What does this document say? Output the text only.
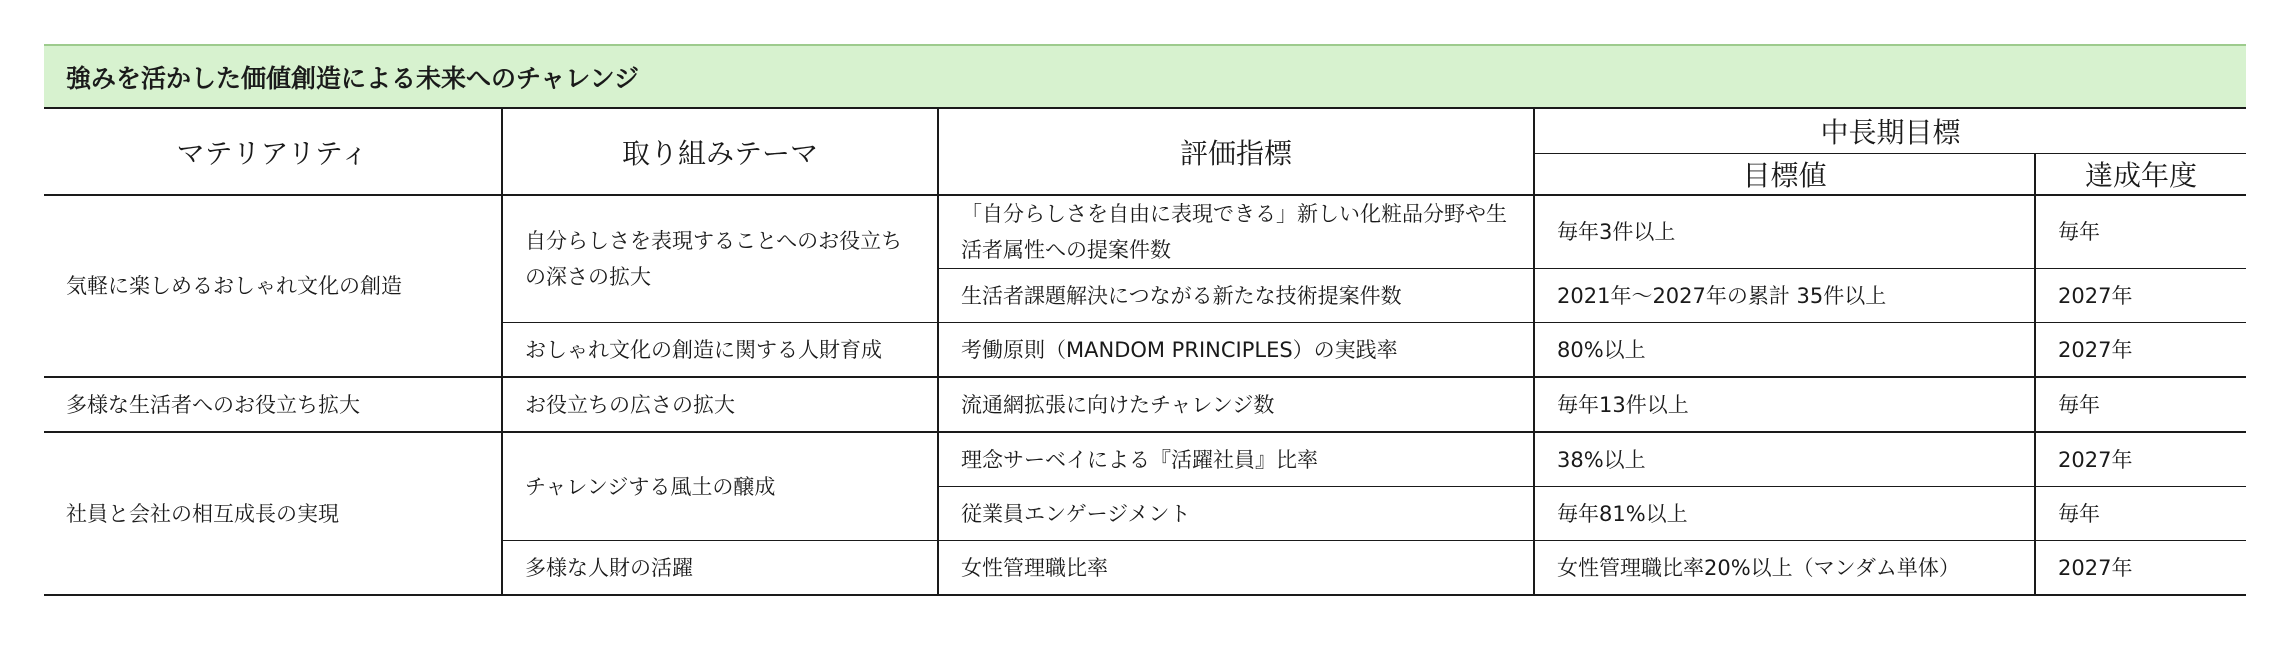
強みを活かした価値創造による未来へのチャレンジ				
マテリアリティ	取り組みテーマ	評価指標	中長期目標	
			目標値	達成年度
気軽に楽しめるおしゃれ文化の創造	自分らしさを表現することへのお役立ちの深さの拡大	「自分らしさを自由に表現できる」新しい化粧品分野や生活者属性への提案件数	毎年3件以上	毎年
		生活者課題解決につながる新たな技術提案件数	2021年〜2027年の累計 35件以上	2027年
	おしゃれ文化の創造に関する人財育成	考働原則（MANDOM PRINCIPLES）の実践率	80%以上	2027年
多様な生活者へのお役立ち拡大	お役立ちの広さの拡大	流通網拡張に向けたチャレンジ数	毎年13件以上	毎年
社員と会社の相互成長の実現	チャレンジする風土の醸成	理念サーベイによる『活躍社員』比率	38%以上	2027年
		従業員エンゲージメント	毎年81%以上	毎年
	多様な人財の活躍	女性管理職比率	女性管理職比率20%以上（マンダム単体）	2027年
